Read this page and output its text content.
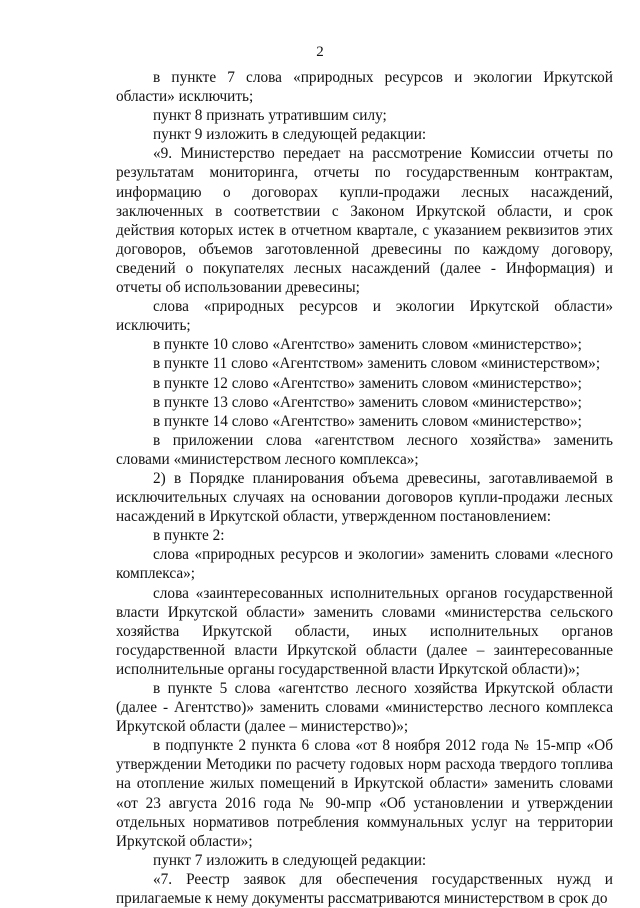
2

в пункте 7 слова «природных ресурсов и экологии Иркутской области» исключить;

пункт 8 признать утратившим силу;

пункт 9 изложить в следующей редакции:

«9. Министерство передает на рассмотрение Комиссии отчеты по результатам мониторинга, отчеты по государственным контрактам, информацию о договорах купли-продажи лесных насаждений, заключенных в соответствии с Законом Иркутской области, и срок действия которых истек в отчетном квартале, с указанием реквизитов этих договоров, объемов заготовленной древесины по каждому договору, сведений о покупателях лесных насаждений (далее - Информация) и отчеты об использовании древесины;

слова «природных ресурсов и экологии Иркутской области» исключить;

в пункте 10 слово «Агентство» заменить словом «министерство»;

в пункте 11 слово «Агентством» заменить словом «министерством»;

в пункте 12 слово «Агентство» заменить словом «министерство»;

в пункте 13 слово «Агентство» заменить словом «министерство»;

в пункте 14 слово «Агентство» заменить словом «министерство»;

в приложении слова «агентством лесного хозяйства» заменить словами «министерством лесного комплекса»;

2) в Порядке планирования объема древесины, заготавливаемой в исключительных случаях на основании договоров купли-продажи лесных насаждений в Иркутской области, утвержденном постановлением:

в пункте 2:

слова «природных ресурсов и экологии» заменить словами «лесного комплекса»;

слова «заинтересованных исполнительных органов государственной власти Иркутской области» заменить словами «министерства сельского хозяйства Иркутской области, иных исполнительных органов государственной власти Иркутской области (далее – заинтересованные исполнительные органы государственной власти Иркутской области)»;

в пункте 5 слова «агентство лесного хозяйства Иркутской области (далее - Агентство)» заменить словами «министерство лесного комплекса Иркутской области (далее – министерство)»;

в подпункте 2 пункта 6 слова «от 8 ноября 2012 года № 15-мпр «Об утверждении Методики по расчету годовых норм расхода твердого топлива на отопление жилых помещений в Иркутской области» заменить словами «от 23 августа 2016 года № 90-мпр «Об установлении и утверждении отдельных нормативов потребления коммунальных услуг на территории Иркутской области»;

пункт 7 изложить в следующей редакции:

«7. Реестр заявок для обеспечения государственных нужд и прилагаемые к нему документы рассматриваются министерством в срок до
